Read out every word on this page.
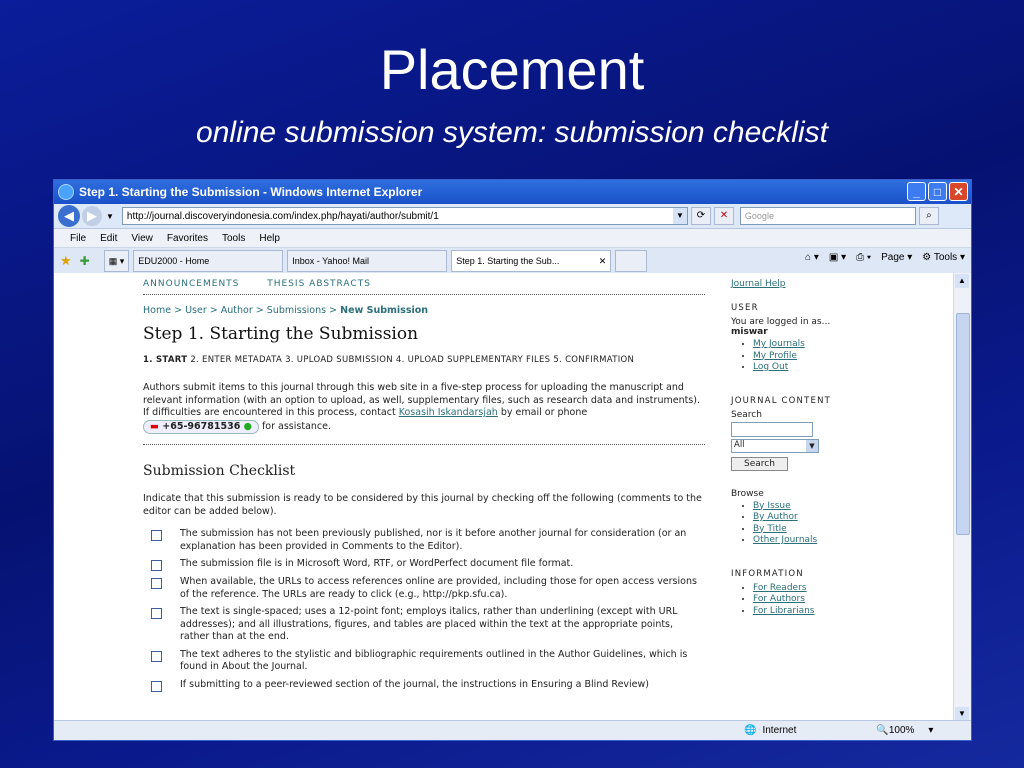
Placement
online submission system: submission checklist
Step 1. Starting the Submission - Windows Internet Explorer	_	□	✕
◀	▶	▼ http://journal.discoveryindonesia.com/index.php/hayati/author/submit/1	▼	⟳	✕	Google	⌕
File Edit View Favorites Tools Help
★ ✚	▦ ▾	EDU2000 - Home	Inbox - Yahoo! Mail	Step 1. Starting the Sub...	✕	⌂ ▾ ▣ ▾ ⎙ ▾ Page ▾ ⚙ Tools ▾
ANNOUNCEMENTS	THESIS ABSTRACTS
Home > User > Author > Submissions > New Submission
Step 1. Starting the Submission
1. START 2. ENTER METADATA 3. UPLOAD SUBMISSION 4. UPLOAD SUPPLEMENTARY FILES 5. CONFIRMATION

Authors submit items to this journal through this web site in a five-step process for uploading the manuscript and relevant information (with an option to upload, as well, supplementary files, such as research data and instruments). If difficulties are encountered in this process, contact Kosasih Iskandarsjah by email or phone ▬ +65-96781536 ● for assistance.

Submission Checklist

Indicate that this submission is ready to be considered by this journal by checking off the following (comments to the editor can be added below).

The submission has not been previously published, nor is it before another journal for consideration (or an explanation has been provided in Comments to the Editor).

The submission file is in Microsoft Word, RTF, or WordPerfect document file format.

When available, the URLs to access references online are provided, including those for open access versions of the reference. The URLs are ready to click (e.g., http://pkp.sfu.ca).

The text is single-spaced; uses a 12-point font; employs italics, rather than underlining (except with URL addresses); and all illustrations, figures, and tables are placed within the text at the appropriate points, rather than at the end.

The text adheres to the stylistic and bibliographic requirements outlined in the Author Guidelines, which is found in About the Journal.

If submitting to a peer-reviewed section of the journal, the instructions in Ensuring a Blind Review)

Journal Help
USER
You are logged in as...
miswar
• My Journals
• My Profile
• Log Out
JOURNAL CONTENT
Search
All	▼
Search
Browse
• By Issue
• By Author
• By Title
• Other Journals
INFORMATION
• For Readers
• For Authors
• For Librarians
▲
▼
🌐 Internet	🔍 100% ▾
